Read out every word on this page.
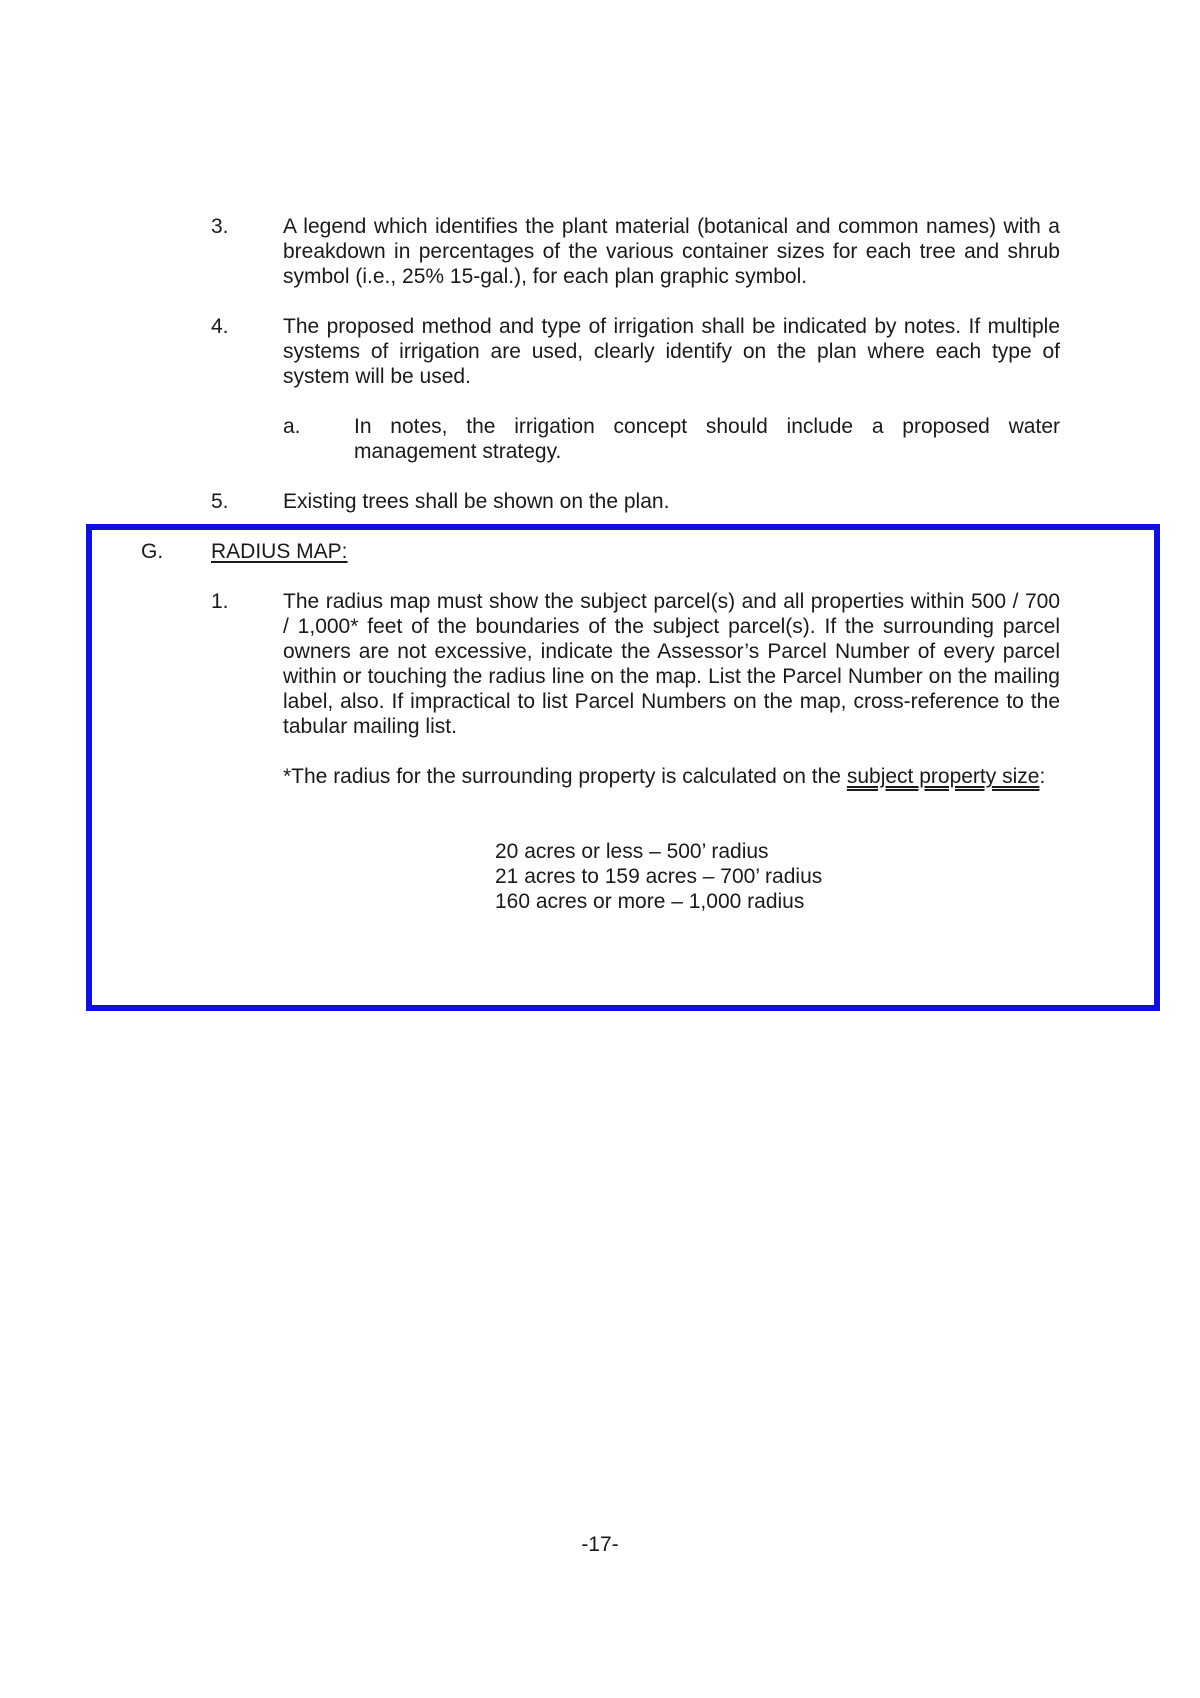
3.	A legend which identifies the plant material (botanical and common names) with a breakdown in percentages of the various container sizes for each tree and shrub symbol (i.e., 25% 15-gal.), for each plan graphic symbol.
4.	The proposed method and type of irrigation shall be indicated by notes. If multiple systems of irrigation are used, clearly identify on the plan where each type of system will be used.
a.	In notes, the irrigation concept should include a proposed water management strategy.
5.	Existing trees shall be shown on the plan.
G. RADIUS MAP:
1.	The radius map must show the subject parcel(s) and all properties within 500 / 700 / 1,000* feet of the boundaries of the subject parcel(s). If the surrounding parcel owners are not excessive, indicate the Assessor’s Parcel Number of every parcel within or touching the radius line on the map. List the Parcel Number on the mailing label, also. If impractical to list Parcel Numbers on the map, cross-reference to the tabular mailing list.
*The radius for the surrounding property is calculated on the subject property size:
20 acres or less – 500’ radius
21 acres to 159 acres – 700’ radius
160 acres or more – 1,000 radius
-17-
